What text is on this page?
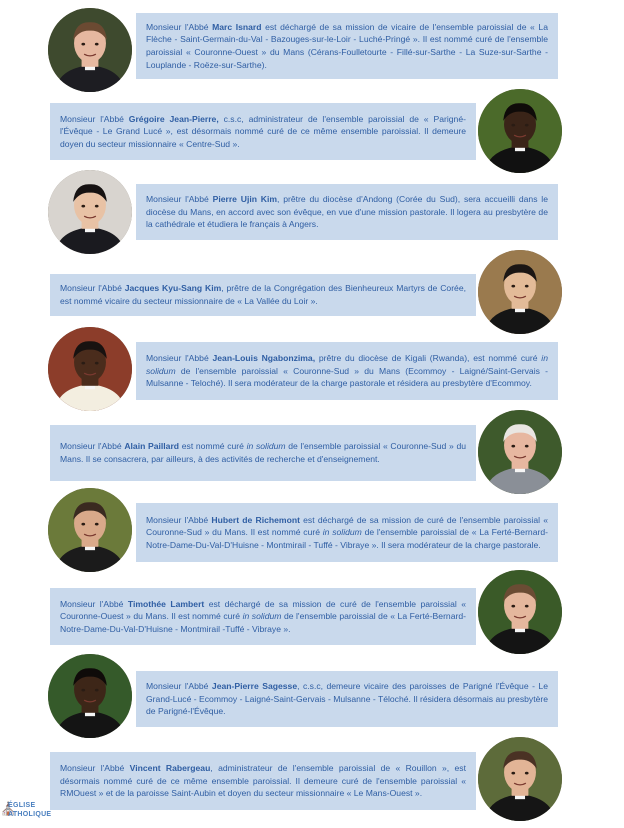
Monsieur l'Abbé Marc Isnard est déchargé de sa mission de vicaire de l'ensemble paroissial de « La Flèche - Saint-Germain-du-Val - Bazouges-sur-le-Loir - Luché-Pringé ». Il est nommé curé de l'ensemble paroissial « Couronne-Ouest » du Mans (Cérans-Foulletourte - Fillé-sur-Sarthe - La Suze-sur-Sarthe - Louplande - Roëze-sur-Sarthe).

Monsieur l'Abbé Grégoire Jean-Pierre, c.s.c, administrateur de l'ensemble paroissial de « Parigné-l'Évêque - Le Grand Lucé », est désormais nommé curé de ce même ensemble paroissial. Il demeure doyen du secteur missionnaire « Centre-Sud ».

Monsieur l'Abbé Pierre Ujin Kim, prêtre du diocèse d'Andong (Corée du Sud), sera accueilli dans le diocèse du Mans, en accord avec son évêque, en vue d'une mission pastorale. Il logera au presbytère de la cathédrale et étudiera le français à Angers.

Monsieur l'Abbé Jacques Kyu-Sang Kim, prêtre de la Congrégation des Bienheureux Martyrs de Corée, est nommé vicaire du secteur missionnaire de « La Vallée du Loir ».

Monsieur l'Abbé Jean-Louis Ngabonzima, prêtre du diocèse de Kigali (Rwanda), est nommé curé in solidum de l'ensemble paroissial « Couronne-Sud » du Mans (Ecommoy - Laigné/Saint-Gervais - Mulsanne - Teloché). Il sera modérateur de la charge pastorale et résidera au presbytère d'Ecommoy.

Monsieur l'Abbé Alain Paillard est nommé curé in solidum de l'ensemble paroissial « Couronne-Sud » du Mans. Il se consacrera, par ailleurs, à des activités de recherche et d'enseignement.

Monsieur l'Abbé Hubert de Richemont est déchargé de sa mission de curé de l'ensemble paroissial « Couronne-Sud » du Mans. Il est nommé curé in solidum de l'ensemble paroissial de « La Ferté-Bernard-Notre-Dame-Du-Val-D'Huisne - Montmirail - Tuffé - Vibraye ». Il sera modérateur de la charge pastorale.

Monsieur l'Abbé Timothée Lambert est déchargé de sa mission de curé de l'ensemble paroissial « Couronne-Ouest » du Mans. Il est nommé curé in solidum de l'ensemble paroissial de « La Ferté-Bernard-Notre-Dame-Du-Val-D'Huisne - Montmirail -Tuffé - Vibraye ».

Monsieur l'Abbé Jean-Pierre Sagesse, c.s.c, demeure vicaire des paroisses de Parigné l'Évêque - Le Grand-Lucé - Ecommoy - Laigné-Saint-Gervais - Mulsanne - Téloché. Il résidera désormais au presbytère de Parigné-l'Évêque.

Monsieur l'Abbé Vincent Rabergeau, administrateur de l'ensemble paroissial de « Rouillon », est désormais nommé curé de ce même ensemble paroissial. Il demeure curé de l'ensemble paroissial « RMOuest » et de la paroisse Saint-Aubin et doyen du secteur missionnaire « Le Mans-Ouest ».

⛪
ÉGLISE
ATHOLIQUE
